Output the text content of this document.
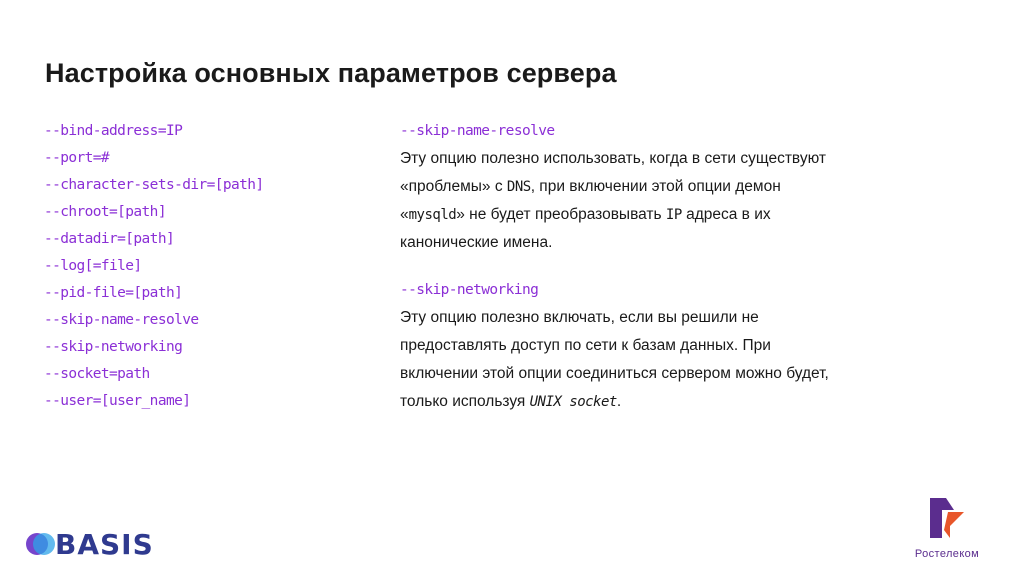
Настройка основных параметров сервера
--bind-address=IP
--port=#
--character-sets-dir=[path]
--chroot=[path]
--datadir=[path]
--log[=file]
--pid-file=[path]
--skip-name-resolve
--skip-networking
--socket=path
--user=[user_name]
--skip-name-resolve

Эту опцию полезно использовать, когда в сети существуют «проблемы» с DNS, при включении этой опции демон «mysqld» не будет преобразовывать IP адреса в их канонические имена.

--skip-networking

Эту опцию полезно включать, если вы решили не предоставлять доступ по сети к базам данных. При включении этой опции соединиться сервером можно будет, только используя UNIX socket.

BASIS	Ростелеком
